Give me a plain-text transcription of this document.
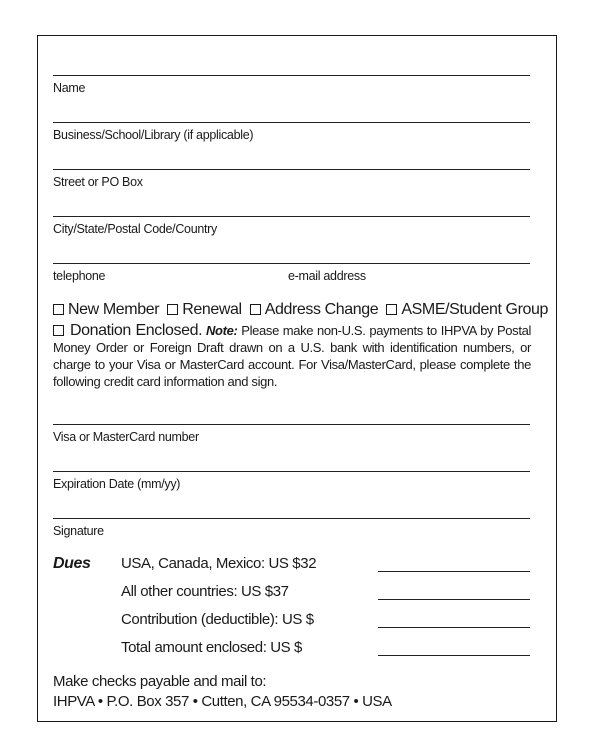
Name
Business/School/Library (if applicable)
Street or PO Box
City/State/Postal Code/Country
telephone	e-mail address
New Member Renewal Address Change ASME/Student Group
Donation Enclosed. Note: Please make non-U.S. payments to IHPVA by Postal Money Order or Foreign Draft drawn on a U.S. bank with identification numbers, or charge to your Visa or MasterCard account. For Visa/MasterCard, please complete the following credit card information and sign.
Visa or MasterCard number
Expiration Date (mm/yy)
Signature
Dues USA, Canada, Mexico: US $32
All other countries: US $37
Contribution (deductible): US $
Total amount enclosed: US $
Make checks payable and mail to:
IHPVA • P.O. Box 357 • Cutten, CA 95534-0357 • USA
